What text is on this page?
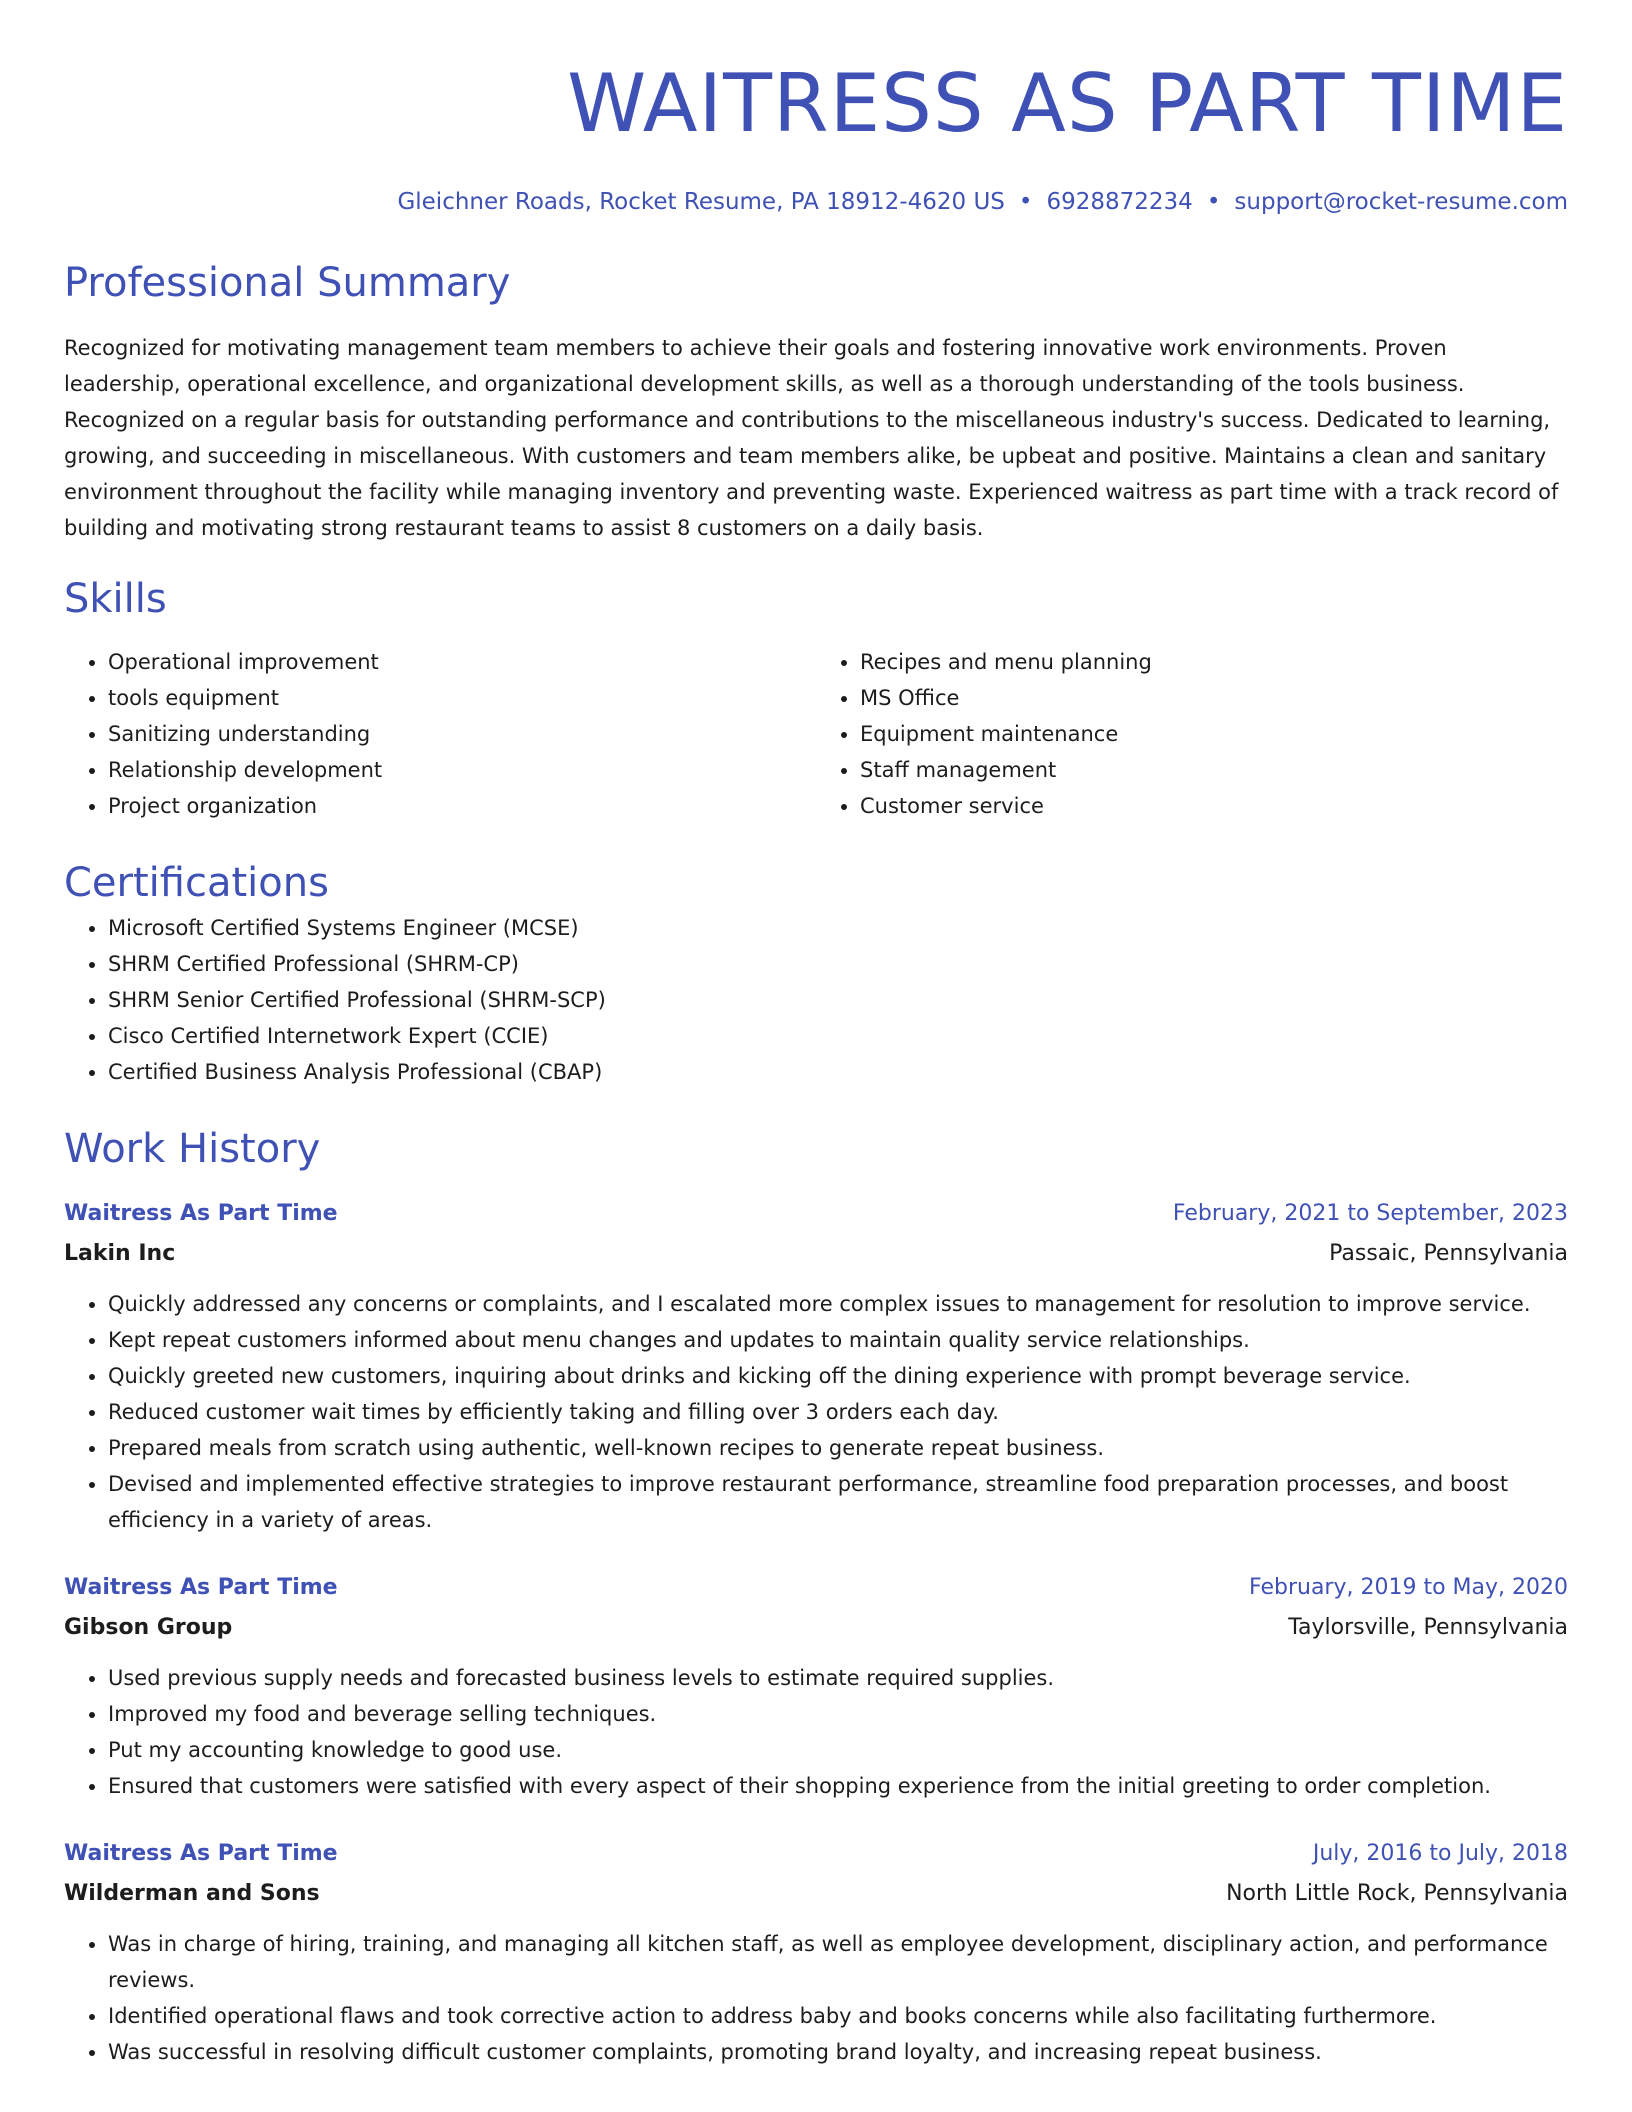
WAITRESS AS PART TIME
Gleichner Roads, Rocket Resume, PA 18912-4620 US • 6928872234 • support@rocket-resume.com
Professional Summary
Recognized for motivating management team members to achieve their goals and fostering innovative work environments. Proven leadership, operational excellence, and organizational development skills, as well as a thorough understanding of the tools business. Recognized on a regular basis for outstanding performance and contributions to the miscellaneous industry's success. Dedicated to learning, growing, and succeeding in miscellaneous. With customers and team members alike, be upbeat and positive. Maintains a clean and sanitary environment throughout the facility while managing inventory and preventing waste. Experienced waitress as part time with a track record of building and motivating strong restaurant teams to assist 8 customers on a daily basis.
Skills
• Operational improvement
• tools equipment
• Sanitizing understanding
• Relationship development
• Project organization
• Recipes and menu planning
• MS Office
• Equipment maintenance
• Staff management
• Customer service
Certifications
• Microsoft Certified Systems Engineer (MCSE)
• SHRM Certified Professional (SHRM-CP)
• SHRM Senior Certified Professional (SHRM-SCP)
• Cisco Certified Internetwork Expert (CCIE)
• Certified Business Analysis Professional (CBAP)
Work History
Waitress As Part Time	February, 2021 to September, 2023
Lakin Inc	Passaic, Pennsylvania
• Quickly addressed any concerns or complaints, and I escalated more complex issues to management for resolution to improve service.
• Kept repeat customers informed about menu changes and updates to maintain quality service relationships.
• Quickly greeted new customers, inquiring about drinks and kicking off the dining experience with prompt beverage service.
• Reduced customer wait times by efficiently taking and filling over 3 orders each day.
• Prepared meals from scratch using authentic, well-known recipes to generate repeat business.
• Devised and implemented effective strategies to improve restaurant performance, streamline food preparation processes, and boost efficiency in a variety of areas.
Waitress As Part Time	February, 2019 to May, 2020
Gibson Group	Taylorsville, Pennsylvania
• Used previous supply needs and forecasted business levels to estimate required supplies.
• Improved my food and beverage selling techniques.
• Put my accounting knowledge to good use.
• Ensured that customers were satisfied with every aspect of their shopping experience from the initial greeting to order completion.
Waitress As Part Time	July, 2016 to July, 2018
Wilderman and Sons	North Little Rock, Pennsylvania
• Was in charge of hiring, training, and managing all kitchen staff, as well as employee development, disciplinary action, and performance reviews.
• Identified operational flaws and took corrective action to address baby and books concerns while also facilitating furthermore.
• Was successful in resolving difficult customer complaints, promoting brand loyalty, and increasing repeat business.
